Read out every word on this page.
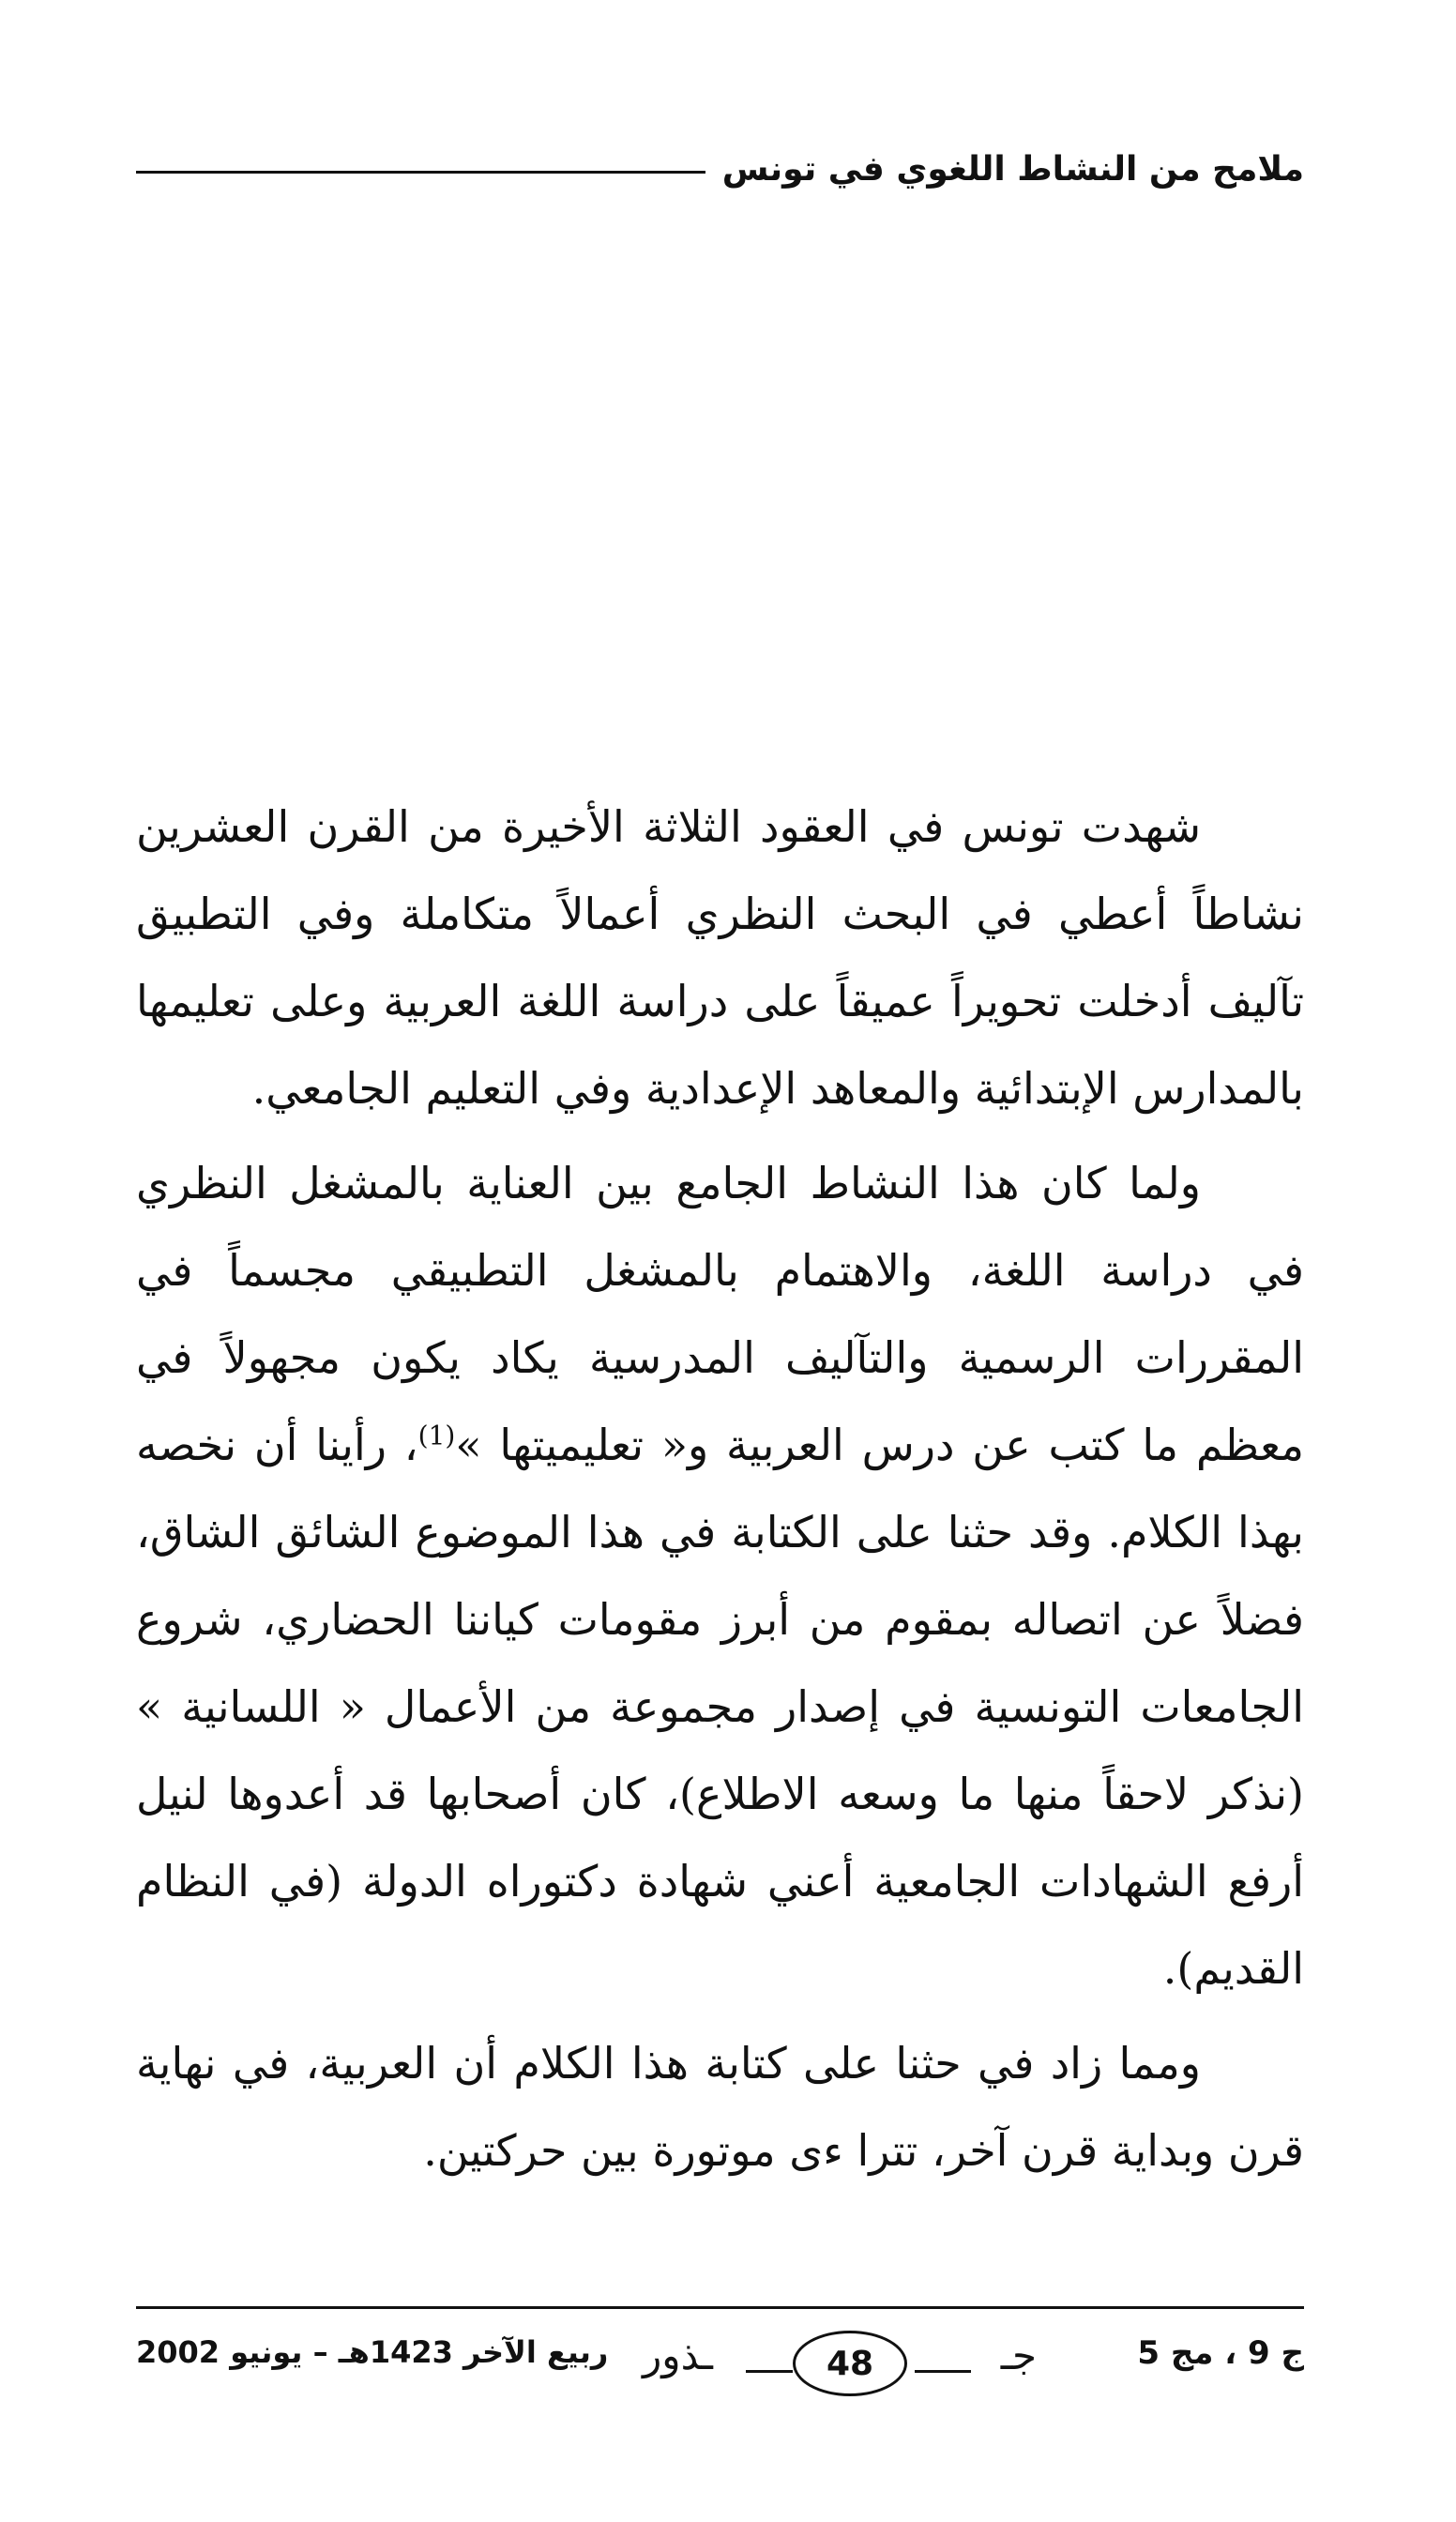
ملامح من النشاط اللغوي في تونس

شهدت تونس في العقود الثلاثة الأخيرة من القرن العشرين نشاطاً أعطي في البحث النظري أعمالاً متكاملة وفي التطبيق تآليف أدخلت تحويراً عميقاً على دراسة اللغة العربية وعلى تعليمها بالمدارس الإبتدائية والمعاهد الإعدادية وفي التعليم الجامعي.

ولما كان هذا النشاط الجامع بين العناية بالمشغل النظري في دراسة اللغة، والاهتمام بالمشغل التطبيقي مجسماً في المقررات الرسمية والتآليف المدرسية يكاد يكون مجهولاً في معظم ما كتب عن درس العربية و« تعليميتها »$^{(1)}$، رأينا أن نخصه بهذا الكلام. وقد حثنا على الكتابة في هذا الموضوع الشائق الشاق، فضلاً عن اتصاله بمقوم من أبرز مقومات كياننا الحضاري، شروع الجامعات التونسية في إصدار مجموعة من الأعمال « اللسانية » (نذكر لاحقاً منها ما وسعه الاطلاع)، كان أصحابها قد أعدوها لنيل أرفع الشهادات الجامعية أعني شهادة دكتوراه الدولة (في النظام القديم).

ومما زاد في حثنا على كتابة هذا الكلام أن العربية، في نهاية قرن وبداية قرن آخر، تترا ءى موتورة بين حركتين.

ج 9 ، مج 5
ـذور	48	جـ
ربيع الآخر 1423هـ – يونيو 2002
